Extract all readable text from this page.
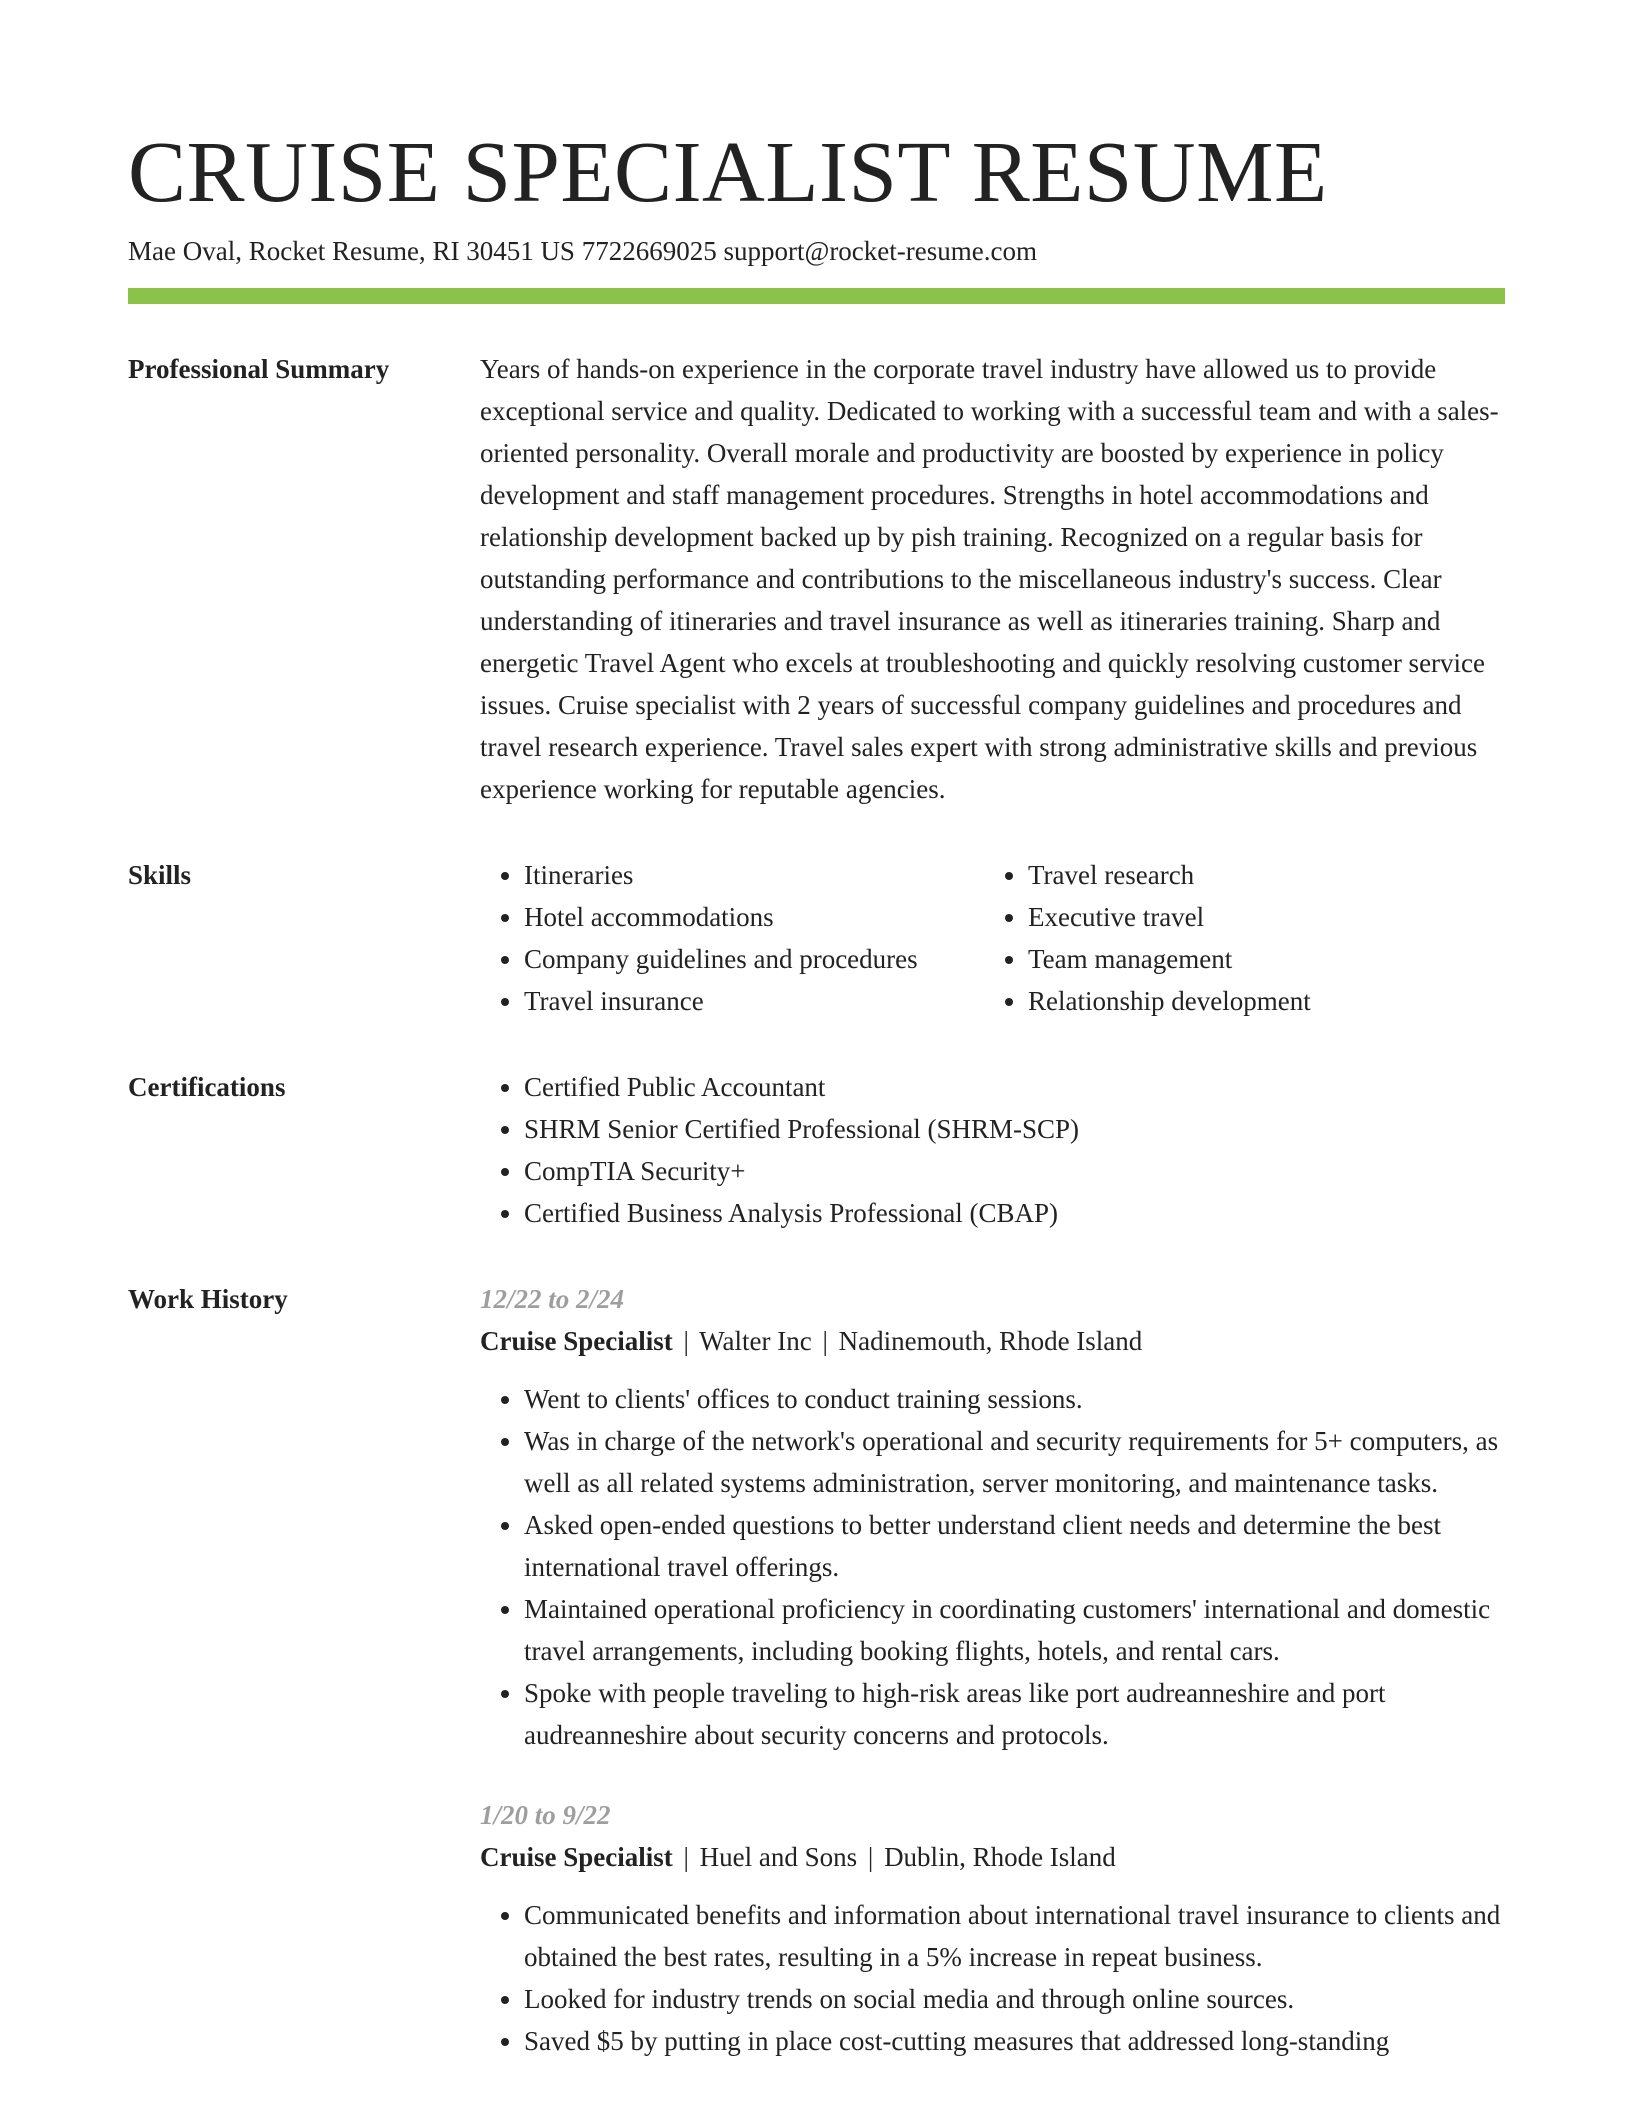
CRUISE SPECIALIST RESUME
Mae Oval, Rocket Resume, RI 30451 US 7722669025 support@rocket-resume.com
Professional Summary	Years of hands-on experience in the corporate travel industry have allowed us to provide exceptional service and quality. Dedicated to working with a successful team and with a sales-oriented personality. Overall morale and productivity are boosted by experience in policy development and staff management procedures. Strengths in hotel accommodations and relationship development backed up by pish training. Recognized on a regular basis for outstanding performance and contributions to the miscellaneous industry's success. Clear understanding of itineraries and travel insurance as well as itineraries training. Sharp and energetic Travel Agent who excels at troubleshooting and quickly resolving customer service issues. Cruise specialist with 2 years of successful company guidelines and procedures and travel research experience. Travel sales expert with strong administrative skills and previous experience working for reputable agencies.

Skills	• Itineraries
• Hotel accommodations
• Company guidelines and procedures
• Travel insurance
• Travel research
• Executive travel
• Team management
• Relationship development
Certifications	• Certified Public Accountant
• SHRM Senior Certified Professional (SHRM-SCP)
• CompTIA Security+
• Certified Business Analysis Professional (CBAP)
Work History	12/22 to 2/24
Cruise Specialist | Walter Inc | Nadinemouth, Rhode Island
• Went to clients' offices to conduct training sessions.
• Was in charge of the network's operational and security requirements for 5+ computers, as well as all related systems administration, server monitoring, and maintenance tasks.
• Asked open-ended questions to better understand client needs and determine the best international travel offerings.
• Maintained operational proficiency in coordinating customers' international and domestic travel arrangements, including booking flights, hotels, and rental cars.
• Spoke with people traveling to high-risk areas like port audreanneshire and port audreanneshire about security concerns and protocols.
1/20 to 9/22
Cruise Specialist | Huel and Sons | Dublin, Rhode Island
• Communicated benefits and information about international travel insurance to clients and obtained the best rates, resulting in a 5% increase in repeat business.
• Looked for industry trends on social media and through online sources.
• Saved $5 by putting in place cost-cutting measures that addressed long-standing
